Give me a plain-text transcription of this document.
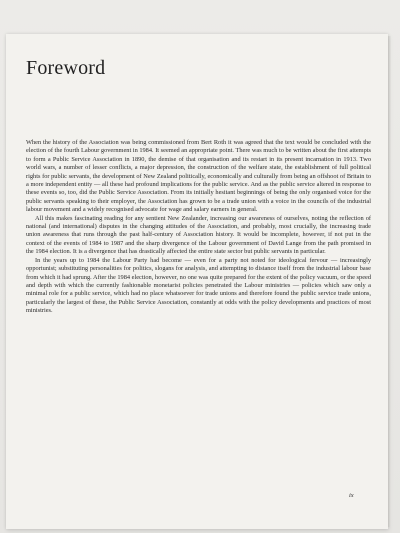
Foreword

When the history of the Association was being commissioned from Bert Roth it was agreed that the text would be concluded with the election of the fourth Labour government in 1984. It seemed an appropriate point. There was much to be written about the first attempts to form a Public Service Association in 1890, the demise of that organisation and its restart in its present incarnation in 1913. Two world wars, a number of lesser conflicts, a major depression, the construction of the welfare state, the establishment of full political rights for public servants, the development of New Zealand politically, economically and culturally from being an offshoot of Britain to a more independent entity — all these had profound implications for the public service. And as the public service altered in response to these events so, too, did the Public Service Association. From its initially hesitant beginnings of being the only organised voice for the public servants speaking to their employer, the Association has grown to be a trade union with a voice in the councils of the industrial labour movement and a widely recognised advocate for wage and salary earners in general.

All this makes fascinating reading for any sentient New Zealander, increasing our awareness of ourselves, noting the reflection of national (and international) disputes in the changing attitudes of the Association, and probably, most crucially, the increasing trade union awareness that runs through the past half-century of Association history. It would be incomplete, however, if not put in the context of the events of 1984 to 1987 and the sharp divergence of the Labour government of David Lange from the path promised in the 1984 election. It is a divergence that has drastically affected the entire state sector but public servants in particular.

In the years up to 1984 the Labour Party had become — even for a party not noted for ideological fervour — increasingly opportunist; substituting personalities for politics, slogans for analysis, and attempting to distance itself from the industrial labour base from which it had sprung. After the 1984 election, however, no one was quite prepared for the extent of the policy vacuum, or the speed and depth with which the currently fashionable monetarist policies penetrated the Labour ministries — policies which saw only a minimal role for a public service, which had no place whatsoever for trade unions and therefore found the public service trade unions, particularly the largest of these, the Public Service Association, constantly at odds with the policy developments and practices of most ministries.

ix
